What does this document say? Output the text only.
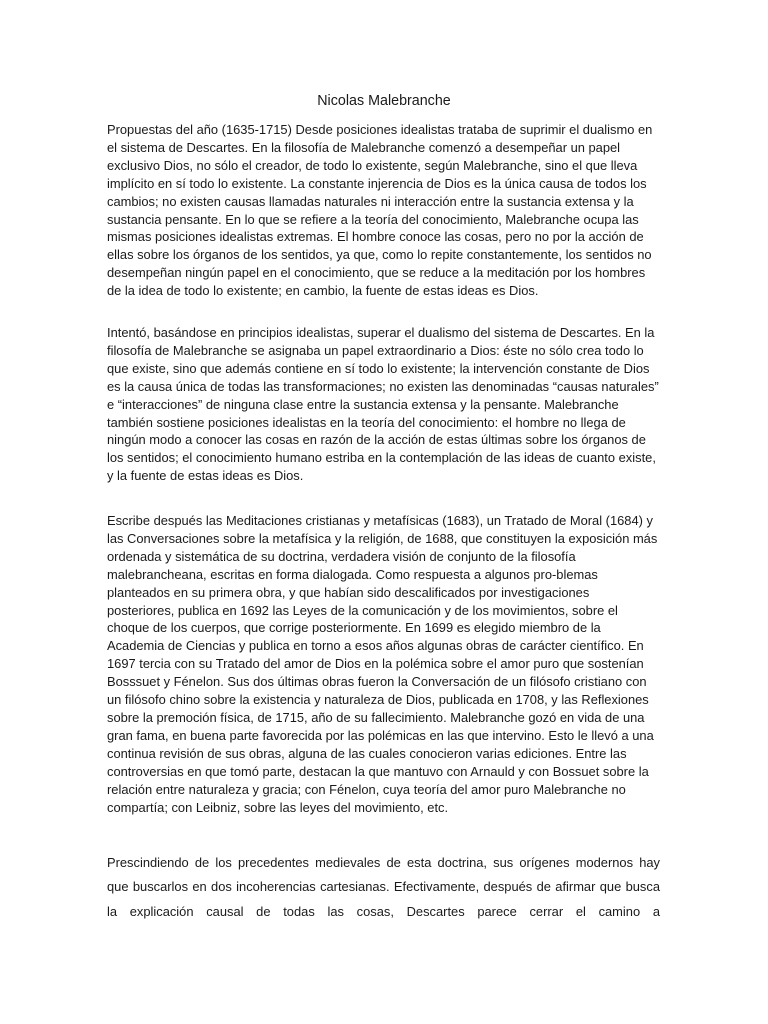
Nicolas Malebranche

Propuestas del año (1635-1715) Desde posiciones idealistas trataba de suprimir el dualismo en el sistema de Descartes. En la filosofía de Malebranche comenzó a desempeñar un papel exclusivo Dios, no sólo el creador, de todo lo existente, según Malebranche, sino el que lleva implícito en sí todo lo existente. La constante injerencia de Dios es la única causa de todos los cambios; no existen causas llamadas naturales ni interacción entre la sustancia extensa y la sustancia pensante. En lo que se refiere a la teoría del conocimiento, Malebranche ocupa las mismas posiciones idealistas extremas. El hombre conoce las cosas, pero no por la acción de ellas sobre los órganos de los sentidos, ya que, como lo repite constantemente, los sentidos no desempeñan ningún papel en el conocimiento, que se reduce a la meditación por los hombres de la idea de todo lo existente; en cambio, la fuente de estas ideas es Dios.

Intentó, basándose en principios idealistas, superar el dualismo del sistema de Descartes. En la filosofía de Malebranche se asignaba un papel extraordinario a Dios: éste no sólo crea todo lo que existe, sino que además contiene en sí todo lo existente; la intervención constante de Dios es la causa única de todas las transformaciones; no existen las denominadas “causas naturales” e “interacciones” de ninguna clase entre la sustancia extensa y la pensante. Malebranche también sostiene posiciones idealistas en la teoría del conocimiento: el hombre no llega de ningún modo a conocer las cosas en razón de la acción de estas últimas sobre los órganos de los sentidos; el conocimiento humano estriba en la contemplación de las ideas de cuanto existe, y la fuente de estas ideas es Dios.

Escribe después las Meditaciones cristianas y metafísicas (1683), un Tratado de Moral (1684) y las Conversaciones sobre la metafísica y la religión, de 1688, que constituyen la exposición más ordenada y sistemática de su doctrina, verdadera visión de conjunto de la filosofía malebrancheana, escritas en forma dialogada. Como respuesta a algunos pro-blemas planteados en su primera obra, y que habían sido descalificados por investigaciones posteriores, publica en 1692 las Leyes de la comunicación y de los movimientos, sobre el choque de los cuerpos, que corrige posteriormente. En 1699 es elegido miembro de la Academia de Ciencias y publica en torno a esos años algunas obras de carácter científico. En 1697 tercia con su Tratado del amor de Dios en la polémica sobre el amor puro que sostenían Bosssuet y Fénelon. Sus dos últimas obras fueron la Conversación de un filósofo cristiano con un filósofo chino sobre la existencia y naturaleza de Dios, publicada en 1708, y las Reflexiones sobre la premoción física, de 1715, año de su fallecimiento. Malebranche gozó en vida de una gran fama, en buena parte favorecida por las polémicas en las que intervino. Esto le llevó a una continua revisión de sus obras, alguna de las cuales conocieron varias ediciones. Entre las controversias en que tomó parte, destacan la que mantuvo con Arnauld y con Bossuet sobre la relación entre naturaleza y gracia; con Fénelon, cuya teoría del amor puro Malebranche no compartía; con Leibniz, sobre las leyes del movimiento, etc.

Prescindiendo de los precedentes medievales de esta doctrina, sus orígenes modernos hay que buscarlos en dos incoherencias cartesianas. Efectivamente, después de afirmar que busca la explicación causal de todas las cosas, Descartes parece cerrar el camino a
